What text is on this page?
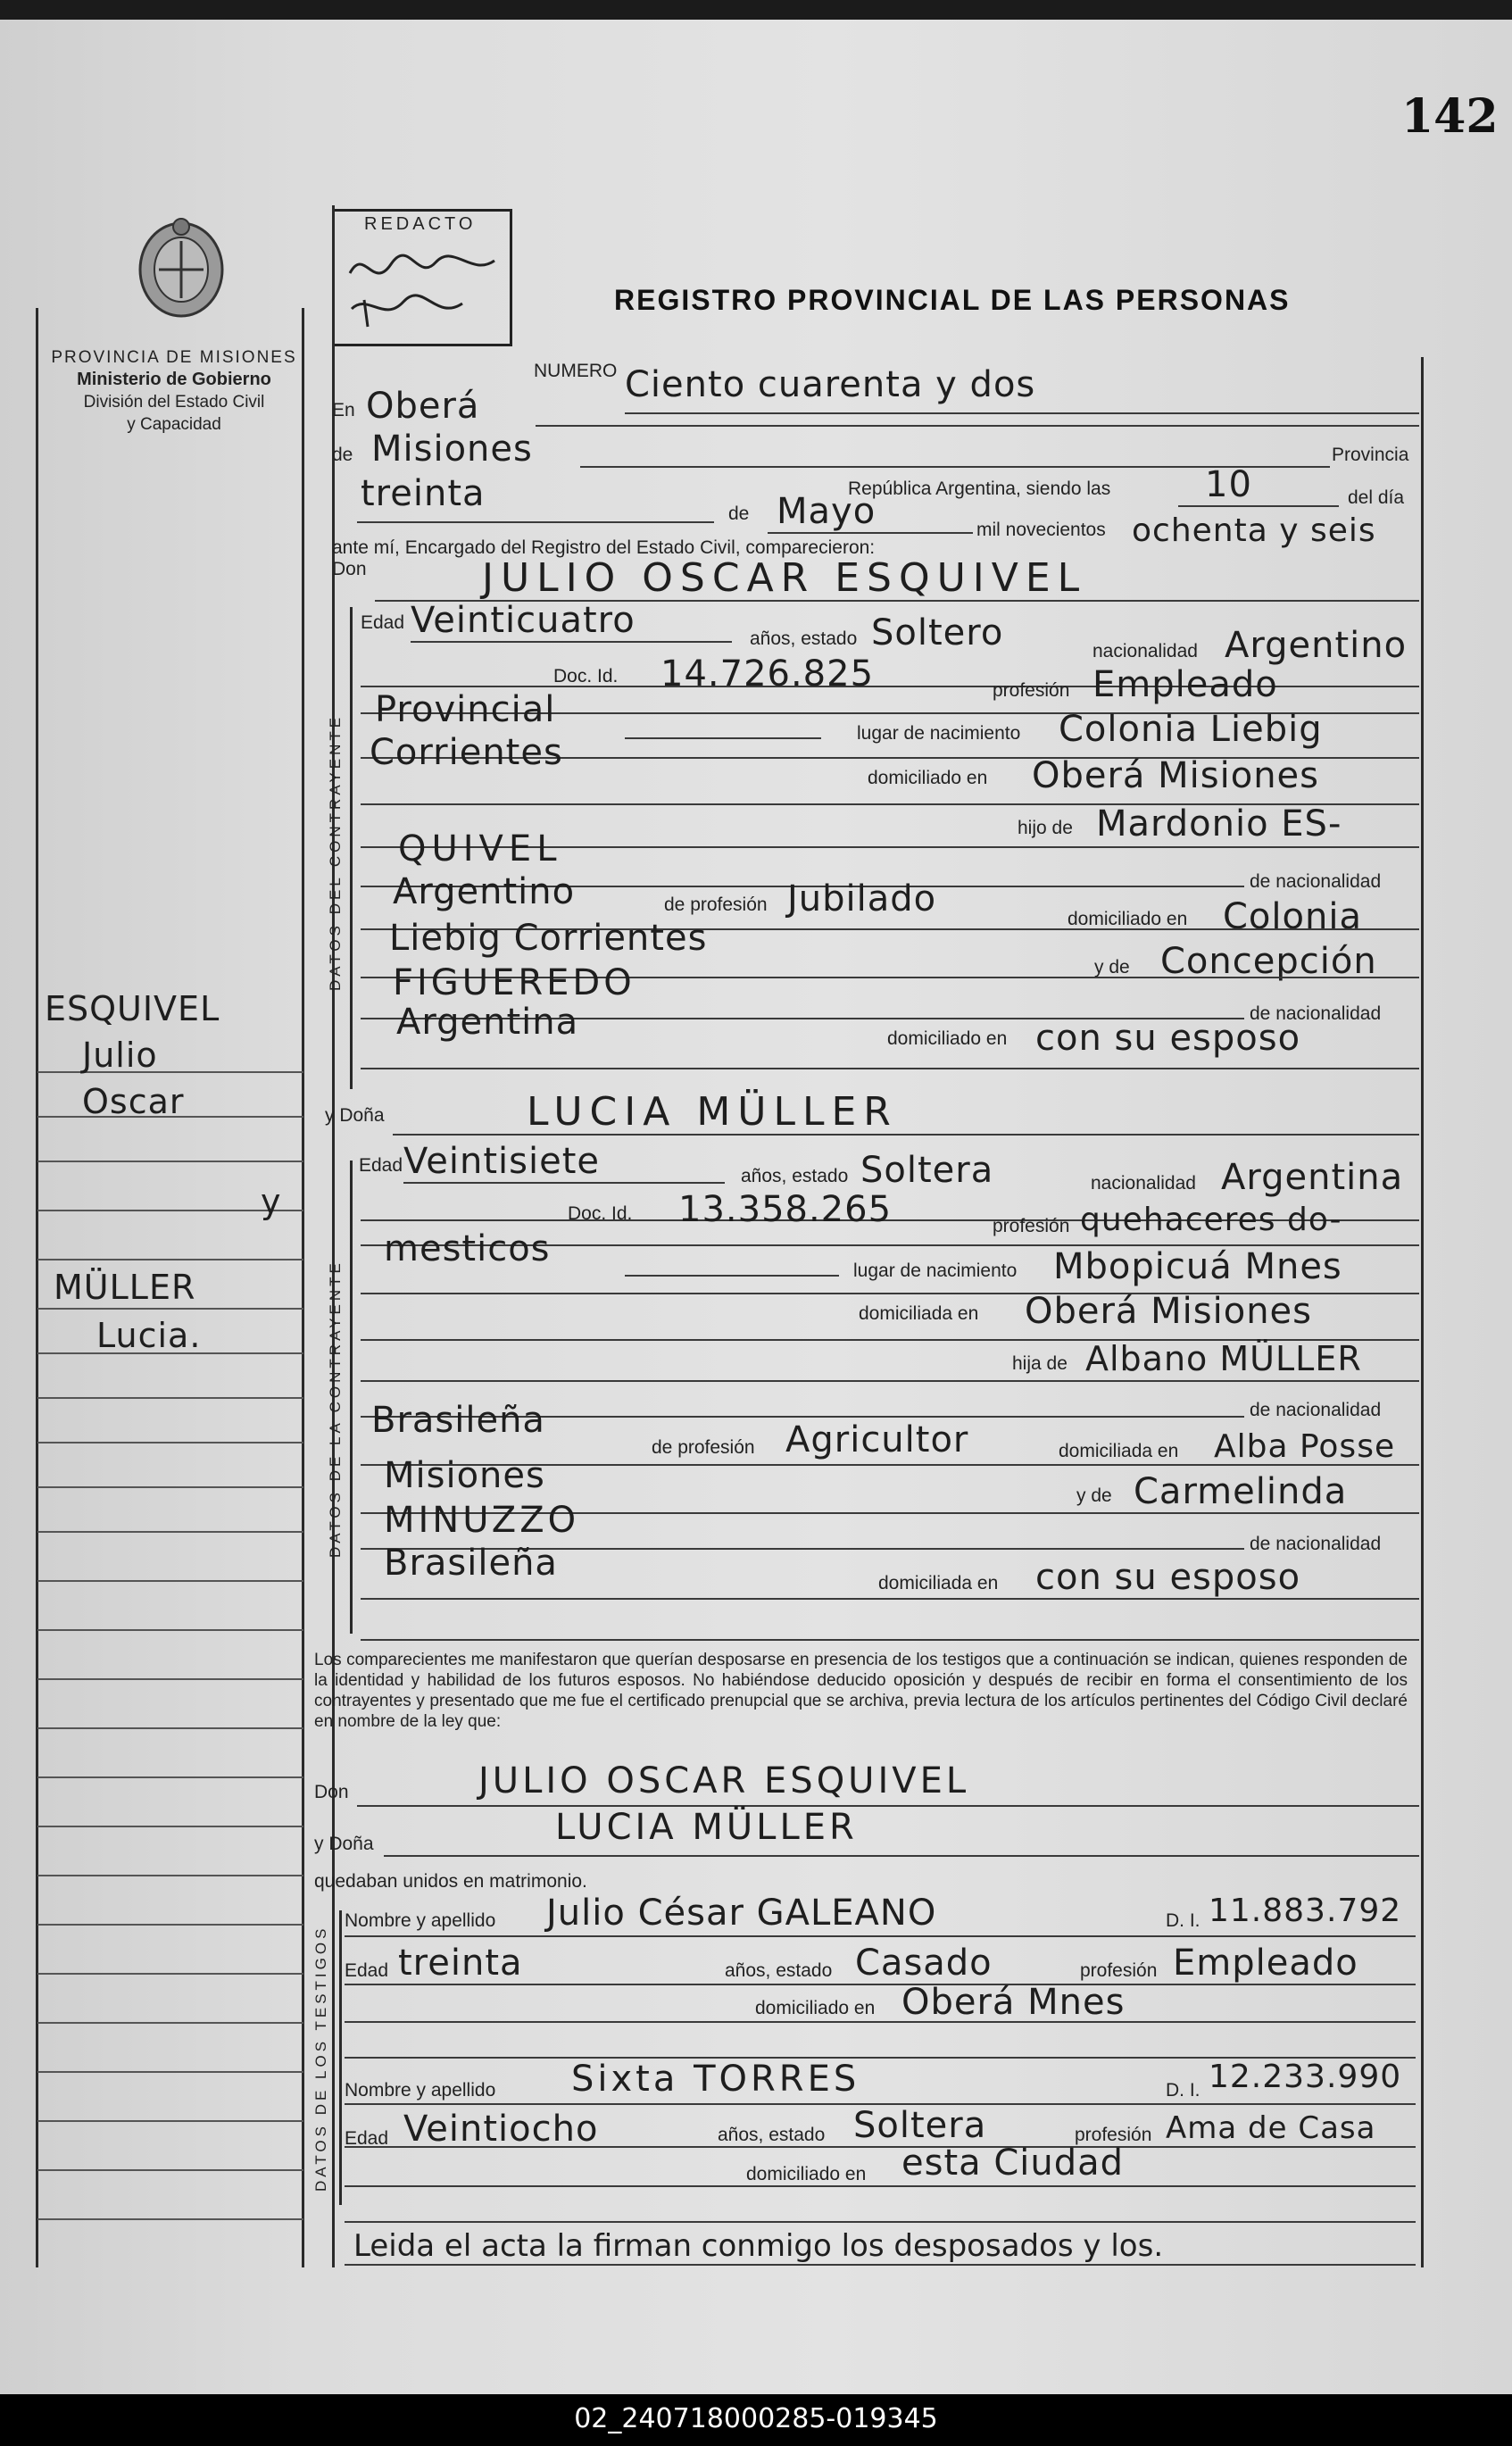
02_240718000285-019345
142
REGISTRO PROVINCIAL DE LAS PERSONAS
REDACTO
PROVINCIA DE MISIONES
Ministerio de Gobierno
División del Estado Civil
y Capacidad
ESQUIVEL
Julio
Oscar
y
MÜLLER
Lucia.
DATOS DEL CONTRAYENTE
DATOS DE LA CONTRAYENTE
DATOS DE LOS TESTIGOS
NUMERO Ciento cuarenta y dos
En Oberá
de Misiones	Provincia
República Argentina, siendo las	10	del día
treinta	de Mayo	mil novecientos ochenta y seis
ante mí, Encargado del Registro del Estado Civil, comparecieron:
Don	JULIO OSCAR ESQUIVEL
Edad Veinticuatro	años, estado Soltero	nacionalidad Argentino
Doc. Id. 14.726.825	profesión Empleado
Provincial
lugar de nacimiento Colonia Liebig
Corrientes
domiciliado en Oberá Misiones
hijo de Mardonio ES-
QUIVEL
de nacionalidad
Argentino	de profesión Jubilado	domiciliado en Colonia
Liebig Corrientes
y de Concepción
FIGUEREDO
de nacionalidad
Argentina	domiciliado en con su esposo
y Doña	LUCIA MÜLLER
Edad Veintisiete	años, estado Soltera	nacionalidad Argentina
Doc. Id. 13.358.265	profesión quehaceres do-
mesticos
lugar de nacimiento Mbopicuá Mnes
domiciliada en Oberá Misiones
hija de Albano MÜLLER
de nacionalidad
Brasileña
de profesión Agricultor	domiciliada en Alba Posse
Misiones	y de Carmelinda
MINUZZO
de nacionalidad
Brasileña	domiciliada en con su esposo
Los comparecientes me manifestaron que querían desposarse en presencia de los testigos que a continuación se indican, quienes responden de la identidad y habilidad de los futuros esposos. No habiéndose deducido oposición y después de recibir en forma el consentimiento de los contrayentes y presentado que me fue el certificado prenupcial que se archiva, previa lectura de los artículos pertinentes del Código Civil declaré en nombre de la ley que:
Don	JULIO OSCAR ESQUIVEL
y Doña	LUCIA MÜLLER
quedaban unidos en matrimonio.
Nombre y apellido Julio César GALEANO	D. I. 11.883.792
Edad treinta	años, estado Casado	profesión Empleado
domiciliado en Oberá Mnes
Nombre y apellido Sixta TORRES	D. I. 12.233.990
Edad Veintiocho	años, estado Soltera	profesión Ama de Casa
domiciliado en esta Ciudad
Leida el acta la firman conmigo los desposados y los.
